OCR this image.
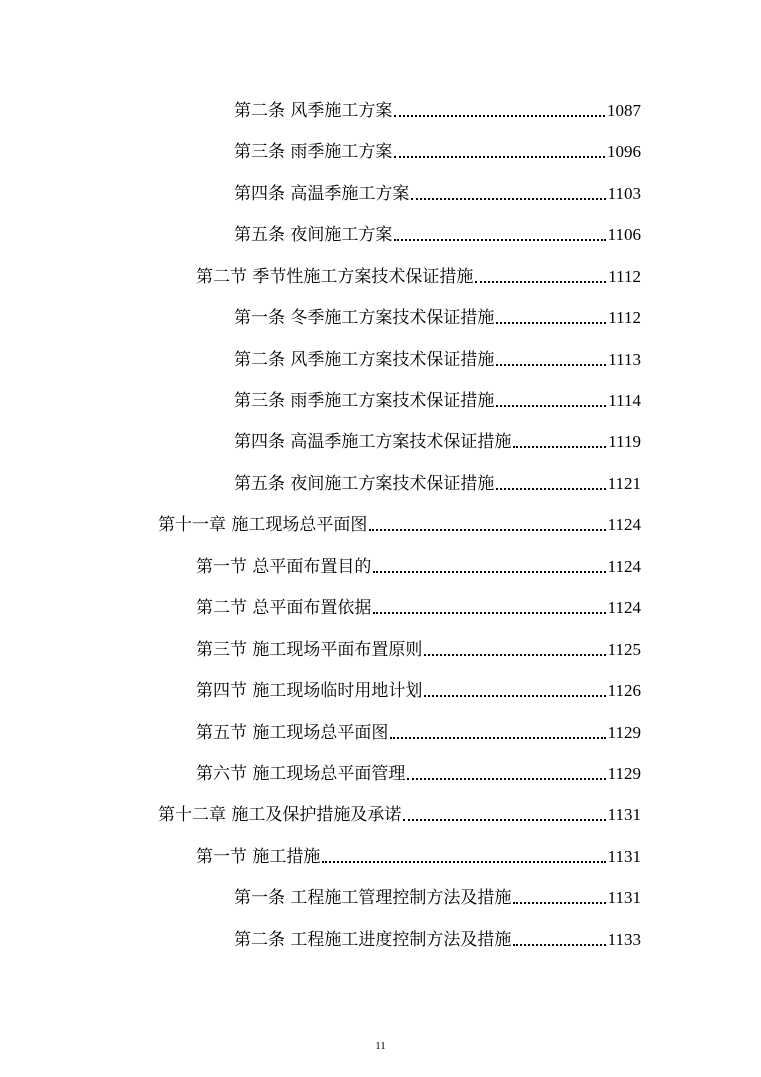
第二条 风季施工方案	1087
第三条 雨季施工方案	1096
第四条 高温季施工方案	1103
第五条 夜间施工方案	1106
第二节 季节性施工方案技术保证措施	1112
第一条 冬季施工方案技术保证措施	1112
第二条 风季施工方案技术保证措施	1113
第三条 雨季施工方案技术保证措施	1114
第四条 高温季施工方案技术保证措施	1119
第五条 夜间施工方案技术保证措施	1121
第十一章 施工现场总平面图	1124
第一节 总平面布置目的	1124
第二节 总平面布置依据	1124
第三节 施工现场平面布置原则	1125
第四节 施工现场临时用地计划	1126
第五节 施工现场总平面图	1129
第六节 施工现场总平面管理	1129
第十二章 施工及保护措施及承诺	1131
第一节 施工措施	1131
第一条 工程施工管理控制方法及措施	1131
第二条 工程施工进度控制方法及措施	1133
11
